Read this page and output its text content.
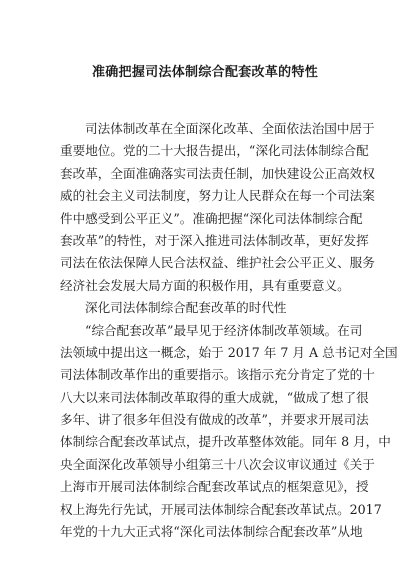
准确把握司法体制综合配套改革的特性
司法体制改革在全面深化改革、全面依法治国中居于
重要地位。党的二十大报告提出，“深化司法体制综合配
套改革，全面准确落实司法责任制，加快建设公正高效权
威的社会主义司法制度，努力让人民群众在每一个司法案
件中感受到公平正义”。准确把握“深化司法体制综合配
套改革”的特性，对于深入推进司法体制改革，更好发挥
司法在依法保障人民合法权益、维护社会公平正义、服务
经济社会发展大局方面的积极作用，具有重要意义。
深化司法体制综合配套改革的时代性
“综合配套改革”最早见于经济体制改革领域。在司
法领域中提出这一概念，始于 2017 年 7 月 A 总书记对全国
司法体制改革作出的重要指示。该指示充分肯定了党的十
八大以来司法体制改革取得的重大成就，“做成了想了很
多年、讲了很多年但没有做成的改革”，并要求开展司法
体制综合配套改革试点，提升改革整体效能。同年 8 月，中
央全面深化改革领导小组第三十八次会议审议通过《关于
上海市开展司法体制综合配套改革试点的框架意见》，授
权上海先行先试，开展司法体制综合配套改革试点。2017
年党的十九大正式将“深化司法体制综合配套改革”从地
